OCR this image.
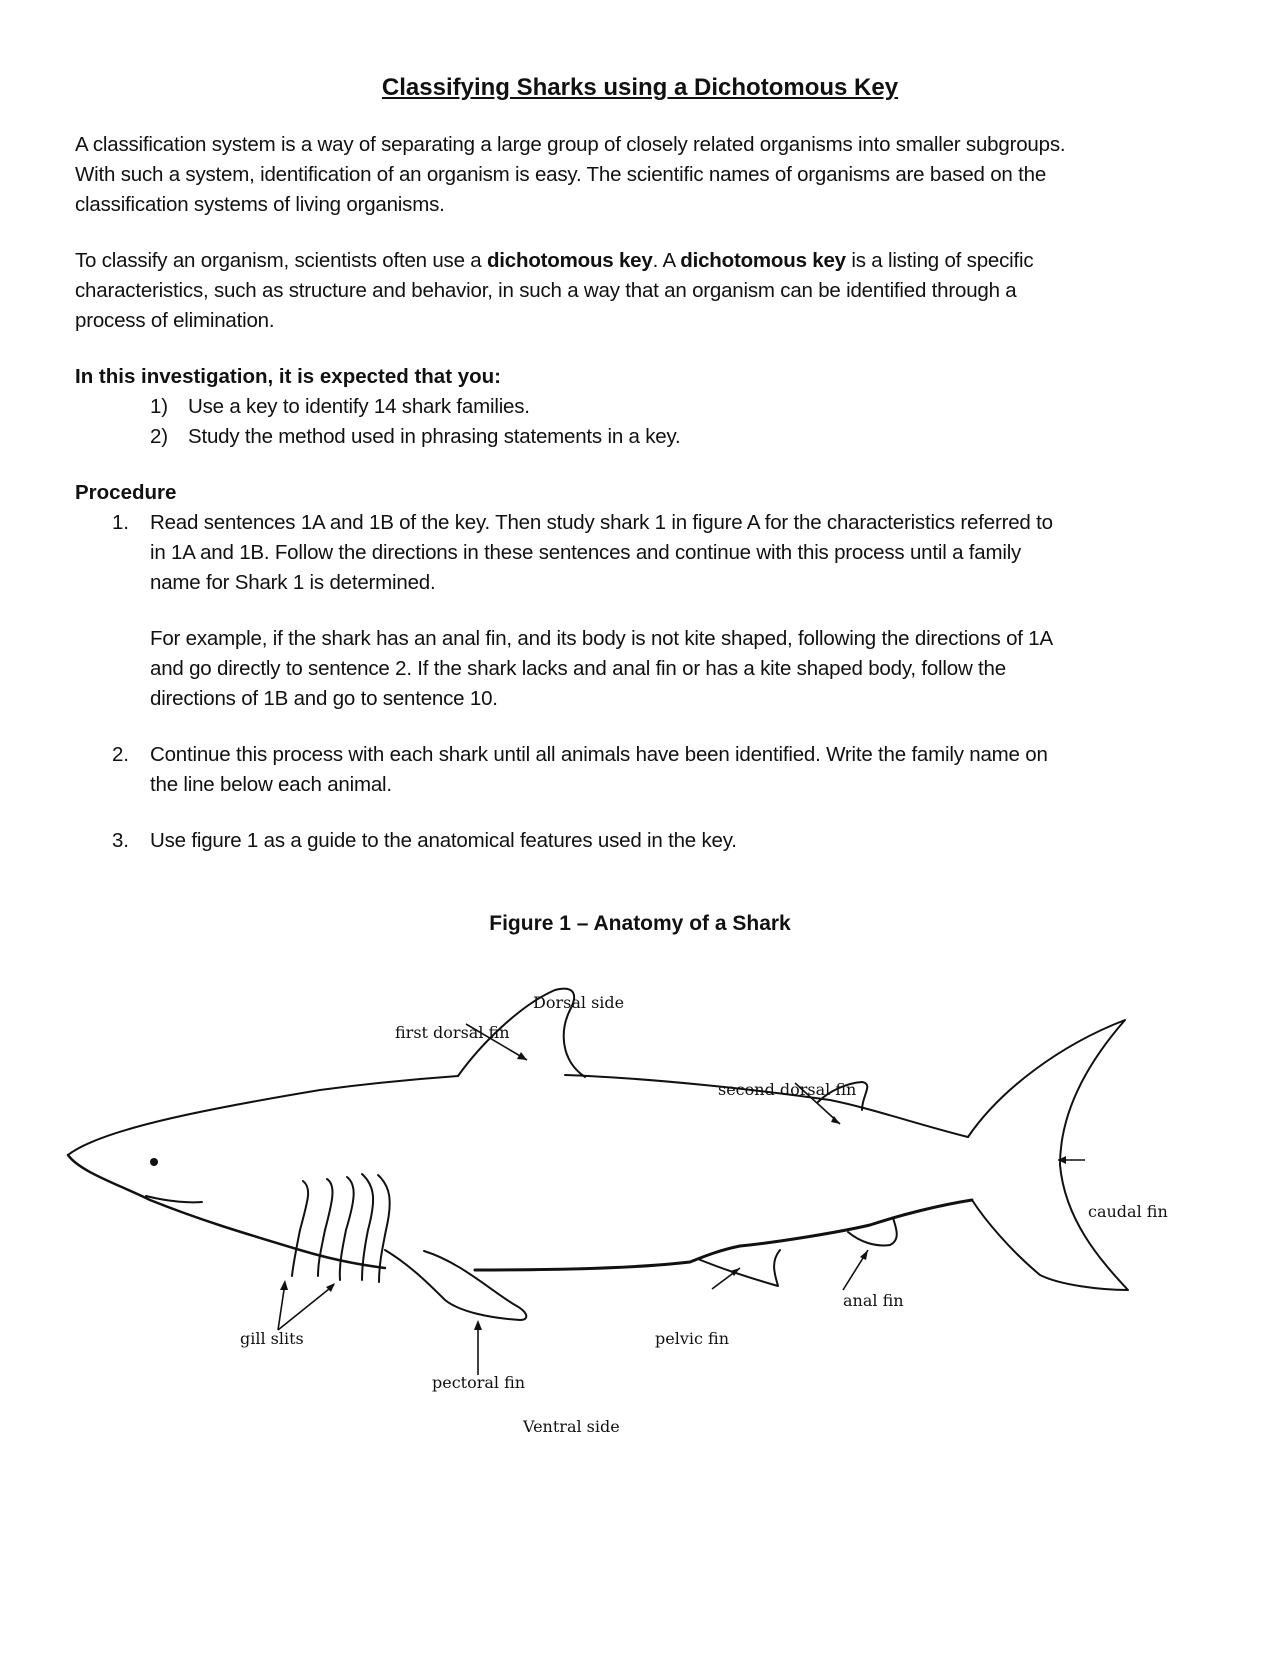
Classifying Sharks using a Dichotomous Key
A classification system is a way of separating a large group of closely related organisms into smaller subgroups.
With such a system, identification of an organism is easy. The scientific names of organisms are based on the
classification systems of living organisms.
To classify an organism, scientists often use a dichotomous key. A dichotomous key is a listing of specific
characteristics, such as structure and behavior, in such a way that an organism can be identified through a
process of elimination.
In this investigation, it is expected that you:
1) Use a key to identify 14 shark families.
2) Study the method used in phrasing statements in a key.
Procedure
1. Read sentences 1A and 1B of the key. Then study shark 1 in figure A for the characteristics referred to
in 1A and 1B. Follow the directions in these sentences and continue with this process until a family
name for Shark 1 is determined.
For example, if the shark has an anal fin, and its body is not kite shaped, following the directions of 1A
and go directly to sentence 2. If the shark lacks and anal fin or has a kite shaped body, follow the
directions of 1B and go to sentence 10.
2. Continue this process with each shark until all animals have been identified. Write the family name on
the line below each animal.
3. Use figure 1 as a guide to the anatomical features used in the key.
Figure 1 – Anatomy of a Shark
Dorsal side
first dorsal fin
second dorsal fin
caudal fin
anal fin
pelvic fin
gill slits
pectoral fin
Ventral side
